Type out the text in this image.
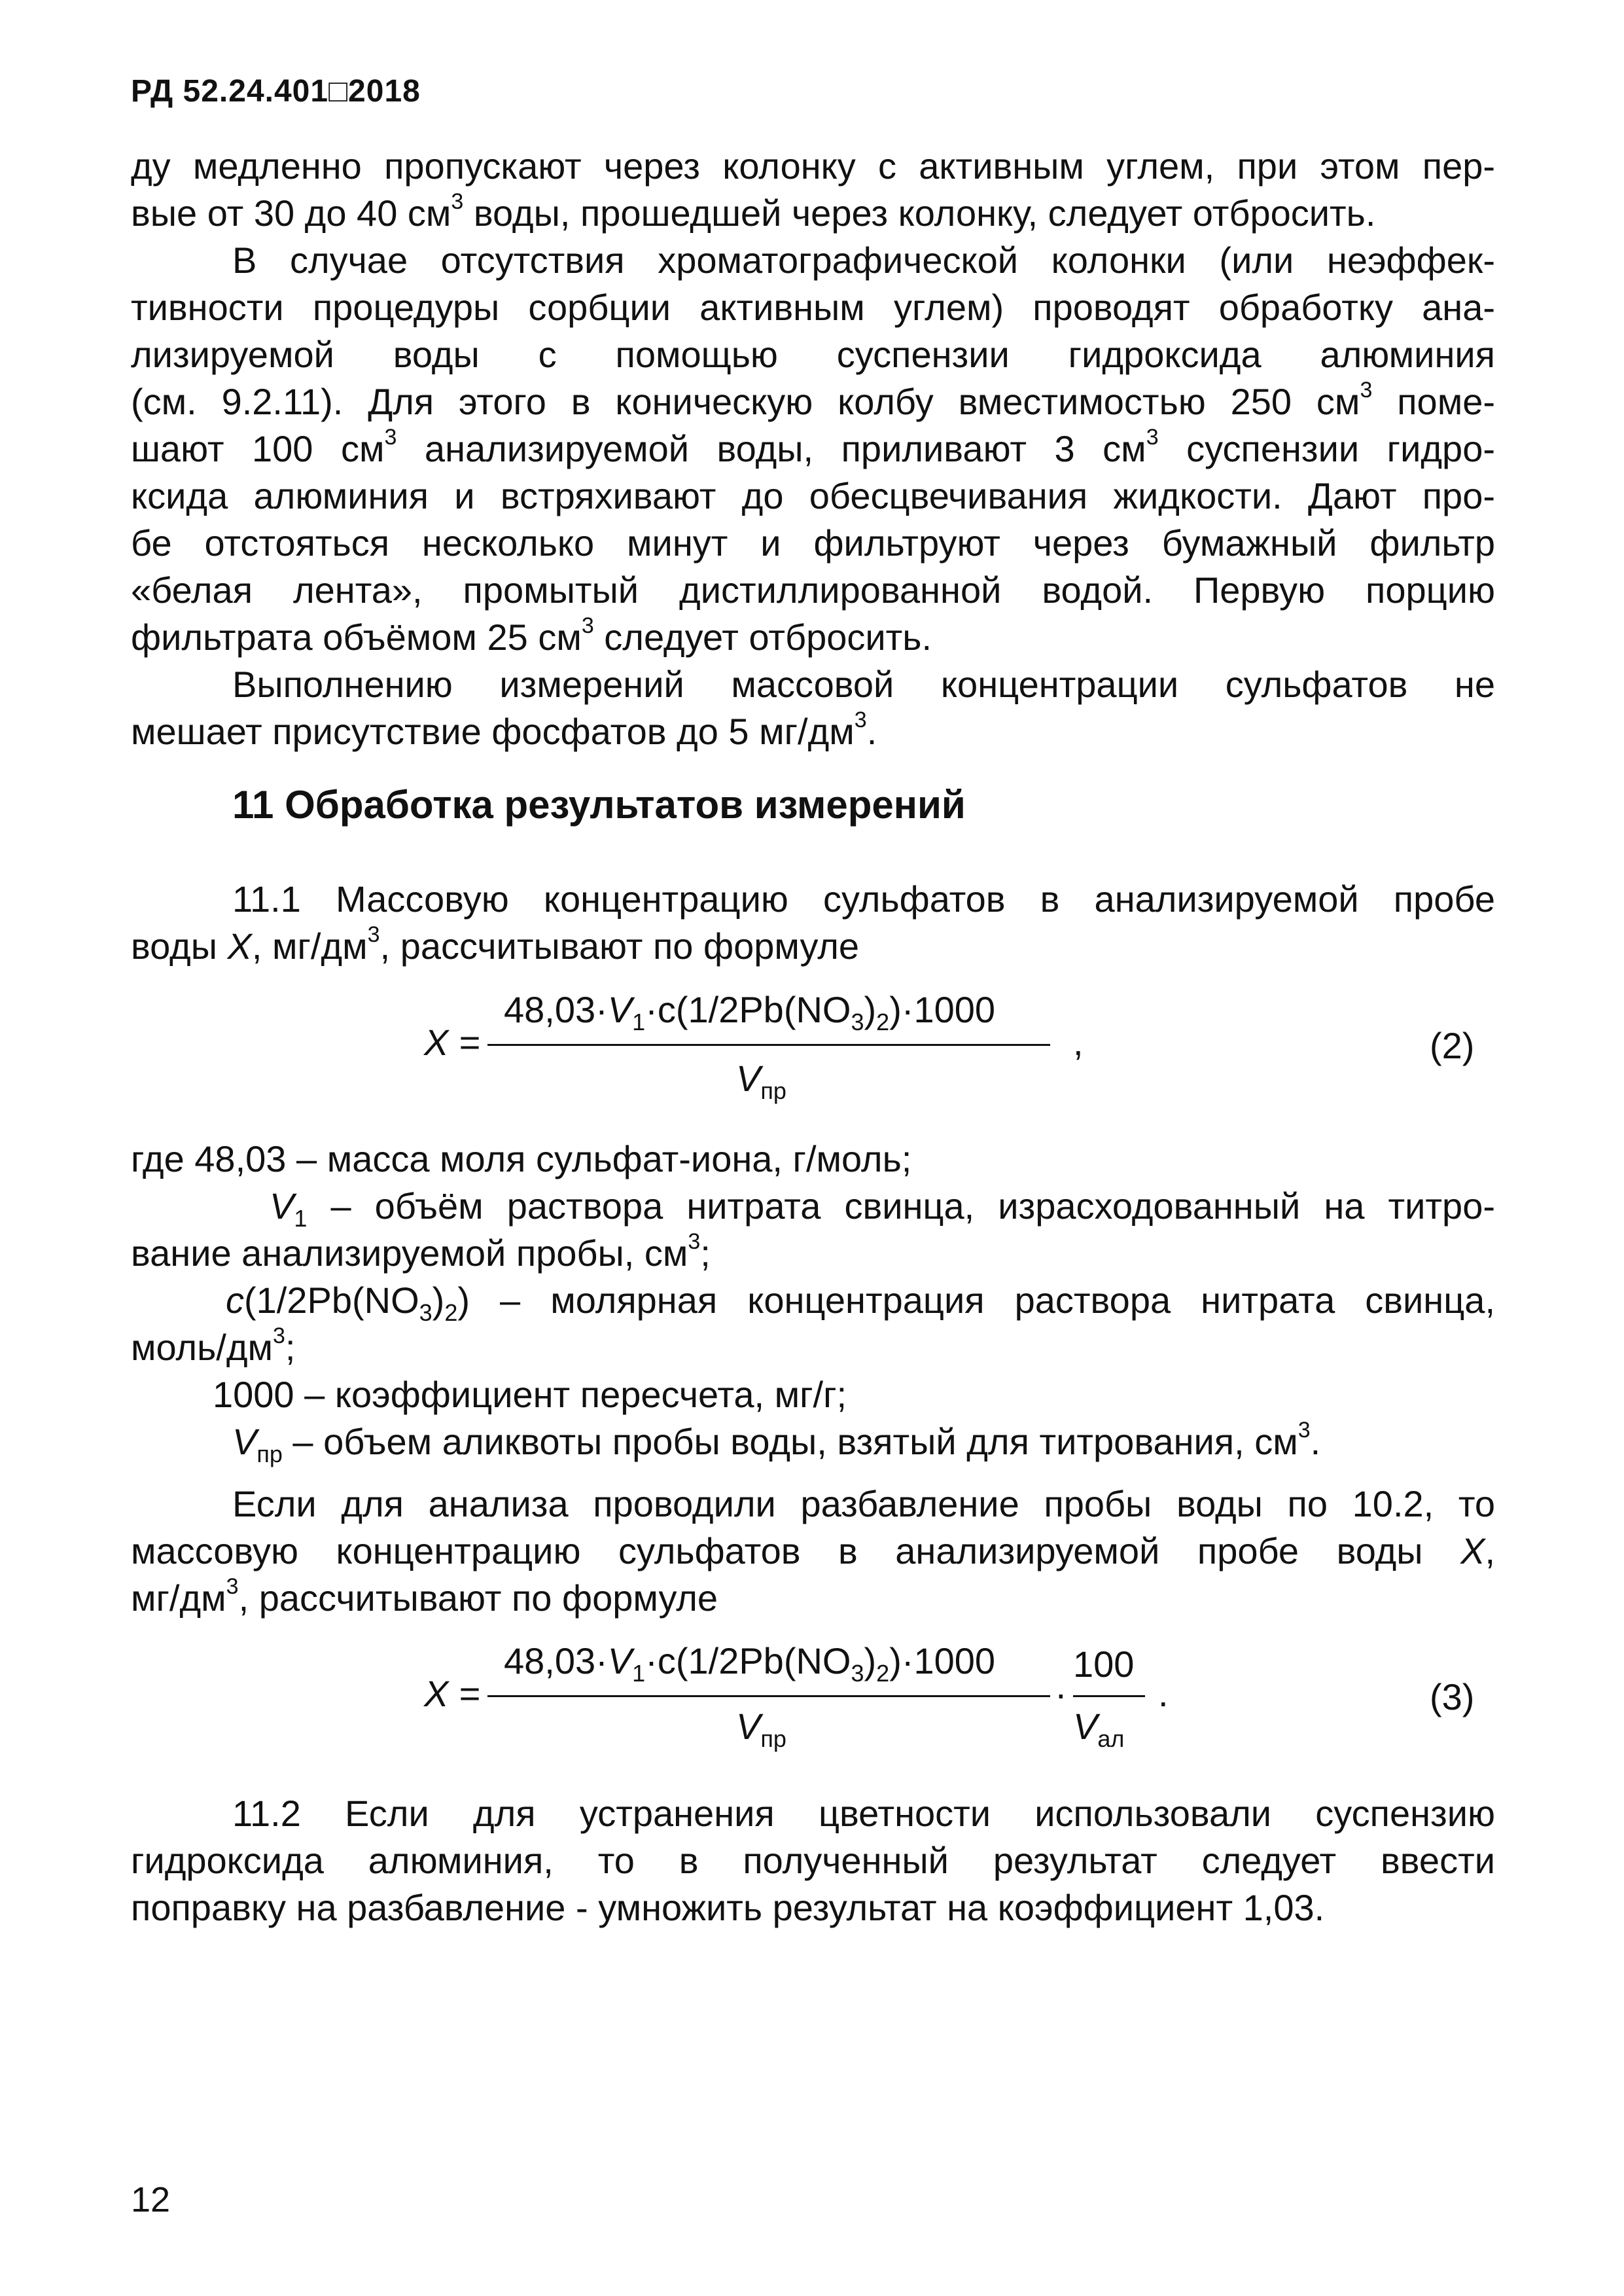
РД 52.24.401□2018
ду медленно пропускают через колонку с активным углем, при этом пер-
вые от 30 до 40 $см^3$ воды, прошедшей через колонку, следует отбросить.
В случае отсутствия хроматографической колонки (или неэффек-
тивности процедуры сорбции активным углем) проводят обработку ана-
лизируемой воды с помощью суспензии гидроксида алюминия
(см. 9.2.11). Для этого в коническую колбу вместимостью 250 $см^3$ поме-
шают 100 $см^3$ анализируемой воды, приливают 3 $см^3$ суспензии гидро-
ксида алюминия и встряхивают до обесцвечивания жидкости. Дают про-
бе отстояться несколько минут и фильтруют через бумажный фильтр
«белая лента», промытый дистиллированной водой. Первую порцию
фильтрата объёмом 25 $см^3$ следует отбросить.
Выполнению измерений массовой концентрации сульфатов не
мешает присутствие фосфатов до 5 $мг/дм^3$.
11 Обработка результатов измерений
11.1 Массовую концентрацию сульфатов в анализируемой пробе
воды X, $мг/дм^3$, рассчитывают по формуле
X =
$48,03\cdot V_1\cdot c(1/2Pb(NO_3)_2)\cdot 1000$
$V_{пр}$
,	(2)
где 48,03 – масса моля сульфат-иона, г/моль;
$V_1$ – объём раствора нитрата свинца, израсходованный на титро-
вание анализируемой пробы, $см^3$;
$c(1/2Pb(NO_3)_2)$ – молярная концентрация раствора нитрата свинца,
моль/$дм^3$;
1000 – коэффициент пересчета, мг/г;
$V_{пр}$ – объем аликвоты пробы воды, взятый для титрования, $см^3$.
Если для анализа проводили разбавление пробы воды по 10.2, то
массовую концентрацию сульфатов в анализируемой пробе воды X,
$мг/дм^3$, рассчитывают по формуле
X =
$48,03\cdot V_1\cdot c(1/2Pb(NO_3)_2)\cdot 1000$
$V_{пр}$
·
100
$V_{ал}$
.	(3)
11.2 Если для устранения цветности использовали суспензию
гидроксида алюминия, то в полученный результат следует ввести
поправку на разбавление - умножить результат на коэффициент 1,03.
12
